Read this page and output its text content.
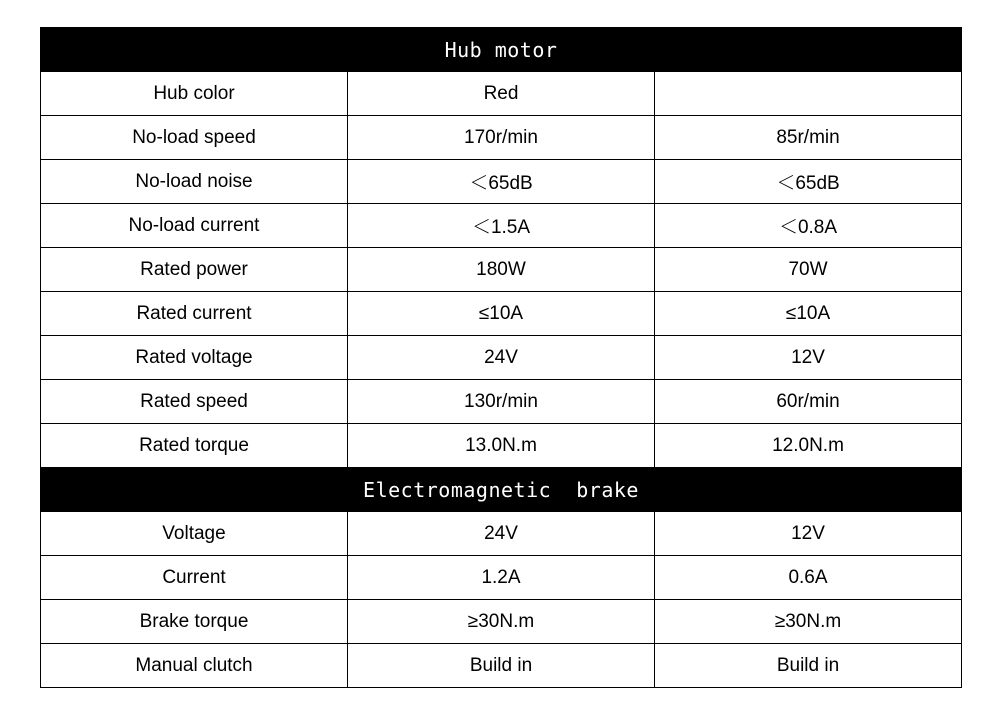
Hub motor		
Hub color	Red	
No-load speed	170r/min	85r/min
No-load noise	＜65dB	＜65dB
No-load current	＜1.5A	＜0.8A
Rated power	180W	70W
Rated current	≤10A	≤10A
Rated voltage	24V	12V
Rated speed	130r/min	60r/min
Rated torque	13.0N.m	12.0N.m
Electromagnetic  brake		
Voltage	24V	12V
Current	1.2A	0.6A
Brake torque	≥30N.m	≥30N.m
Manual clutch	Build in	Build in
